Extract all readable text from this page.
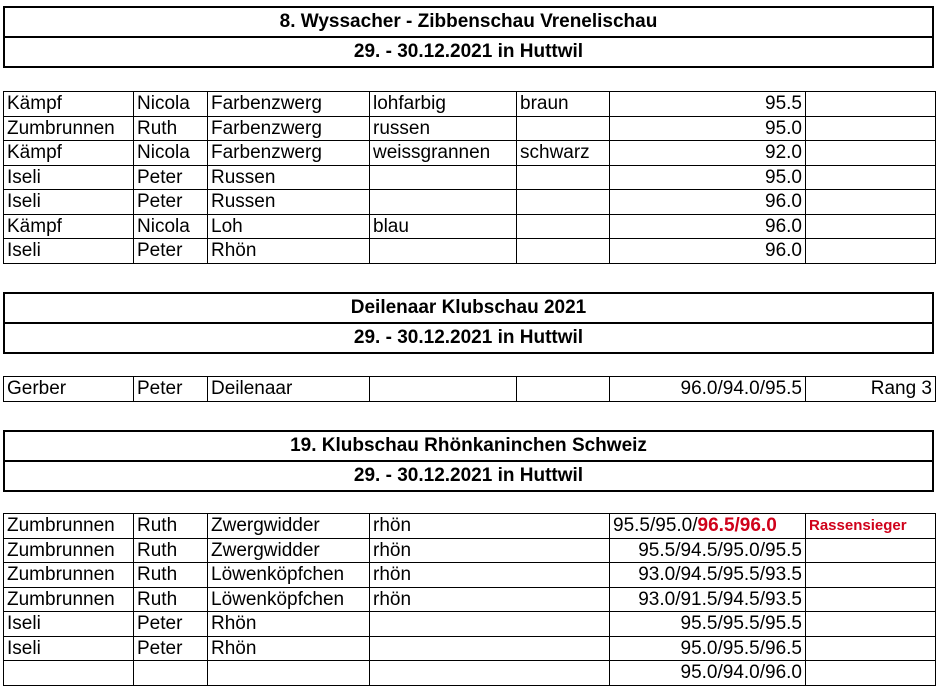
8. Wyssacher - Zibbenschau Vrenelischau
29. - 30.12.2021 in Huttwil
Kämpf	Nicola	Farbenzwerg	lohfarbig	braun	95.5	
Zumbrunnen	Ruth	Farbenzwerg	russen		95.0	
Kämpf	Nicola	Farbenzwerg	weissgrannen	schwarz	92.0	
Iseli	Peter	Russen			95.0	
Iseli	Peter	Russen			96.0	
Kämpf	Nicola	Loh	blau		96.0	
Iseli	Peter	Rhön			96.0	
Deilenaar Klubschau 2021
29. - 30.12.2021 in Huttwil
Gerber	Peter	Deilenaar			96.0/94.0/95.5	Rang 3
19. Klubschau Rhönkaninchen Schweiz
29. - 30.12.2021 in Huttwil
Zumbrunnen	Ruth	Zwergwidder	rhön	95.5/95.0/96.5/96.0	Rassensieger
Zumbrunnen	Ruth	Zwergwidder	rhön	95.5/94.5/95.0/95.5	
Zumbrunnen	Ruth	Löwenköpfchen	rhön	93.0/94.5/95.5/93.5	
Zumbrunnen	Ruth	Löwenköpfchen	rhön	93.0/91.5/94.5/93.5	
Iseli	Peter	Rhön		95.5/95.5/95.5	
Iseli	Peter	Rhön		95.0/95.5/96.5	
				95.0/94.0/96.0	
